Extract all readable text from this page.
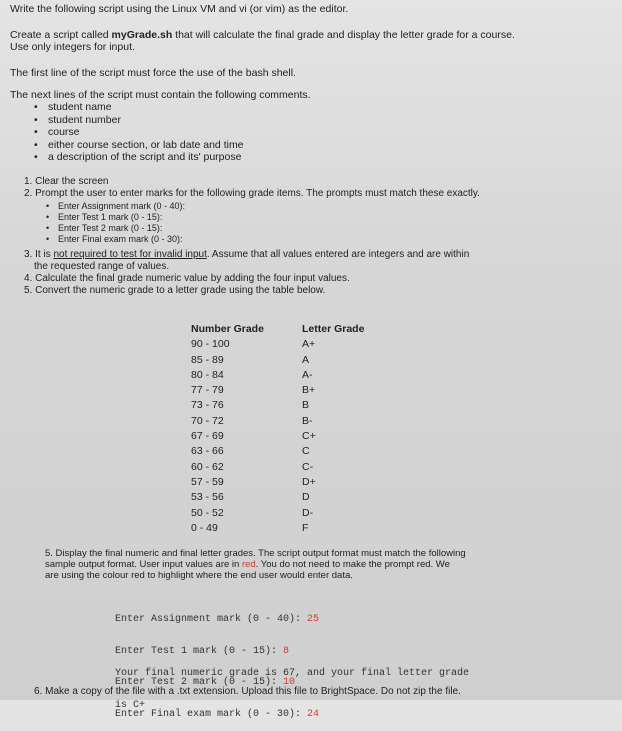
Write the following script using the Linux VM and vi (or vim) as the editor.
Create a script called myGrade.sh that will calculate the final grade and display the letter grade for a course.
Use only integers for input.
The first line of the script must force the use of the bash shell.
The next lines of the script must contain the following comments.
• student name
• student number
• course
• either course section, or lab date and time
• a description of the script and its' purpose
1. Clear the screen
2. Prompt the user to enter marks for the following grade items. The prompts must match these exactly.
• Enter Assignment mark (0 - 40):
• Enter Test 1 mark (0 - 15):
• Enter Test 2 mark (0 - 15):
• Enter Final exam mark (0 - 30):
3. It is not required to test for invalid input. Assume that all values entered are integers and are within
the requested range of values.
4. Calculate the final grade numeric value by adding the four input values.
5. Convert the numeric grade to a letter grade using the table below.
Number Grade
90 - 100
85 - 89
80 - 84
77 - 79
73 - 76
70 - 72
67 - 69
63 - 66
60 - 62
57 - 59
53 - 56
50 - 52
0 - 49
Letter Grade
A+
A
A-
B+
B
B-
C+
C
C-
D+
D
D-
F
5. Display the final numeric and final letter grades. The script output format must match the following
sample output format. User input values are in red. You do not need to make the prompt red. We
are using the colour red to highlight where the end user would enter data.

Enter Assignment mark (0 - 40): 25

Enter Test 1 mark (0 - 15): 8

Enter Test 2 mark (0 - 15): 10

Enter Final exam mark (0 - 30): 24

Your final numeric grade is 67, and your final letter grade

is C+

6. Make a copy of the file with a .txt extension. Upload this file to BrightSpace. Do not zip the file.
